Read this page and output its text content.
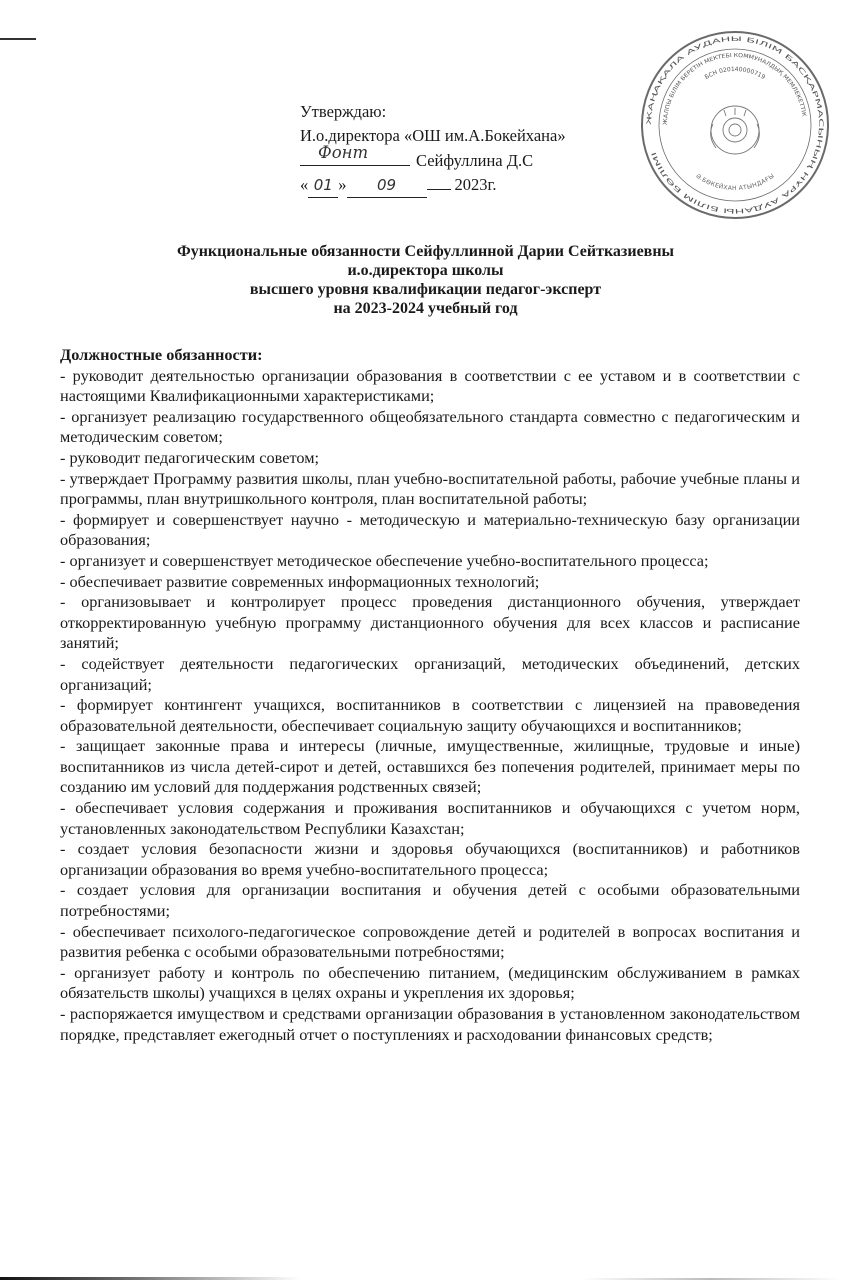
ЖАҢАҚАЛА АУДАНЫ БІЛІМ БАСҚАРМАСЫНЫҢ НҰРА АУДАНЫ БІЛІМ БӨЛІМІ
ЖАЛПЫ БІЛІМ БЕРЕТІН МЕКТЕБІ КОММУНАЛДЫҚ МЕМЛЕКЕТТІК
БСН 020140000719
Ә.БӨКЕЙХАН АТЫНДАҒЫ
Утверждаю:
И.о.директора «ОШ им.А.Бокейхана»
Фонт	Сейфуллина Д.С
« 01 » 09	2023г.
Функциональные обязанности Сейфуллинной Дарии Сейтказиевны
и.о.директора школы
высшего уровня квалификации педагог-эксперт
на 2023-2024 учебный год
Должностные обязанности:
- руководит деятельностью организации образования в соответствии с ее уставом и в соответствии с настоящими Квалификационными характеристиками;
- организует реализацию государственного общеобязательного стандарта совместно с педагогическим и методическим советом;
- руководит педагогическим советом;
- утверждает Программу развития школы, план учебно-воспитательной работы, рабочие учебные планы и программы, план внутришкольного контроля, план воспитательной работы;
- формирует и совершенствует научно - методическую и материально-техническую базу организации образования;
- организует и совершенствует методическое обеспечение учебно-воспитательного процесса;
- обеспечивает развитие современных информационных технологий;
- организовывает и контролирует процесс проведения дистанционного обучения, утверждает откорректированную учебную программу дистанционного обучения для всех классов и расписание занятий;
- содействует деятельности педагогических организаций, методических объединений, детских организаций;
- формирует контингент учащихся, воспитанников в соответствии с лицензией на правоведения образовательной деятельности, обеспечивает социальную защиту обучающихся и воспитанников;
- защищает законные права и интересы (личные, имущественные, жилищные, трудовые и иные) воспитанников из числа детей-сирот и детей, оставшихся без попечения родителей, принимает меры по созданию им условий для поддержания родственных связей;
- обеспечивает условия содержания и проживания воспитанников и обучающихся с учетом норм, установленных законодательством Республики Казахстан;
- создает условия безопасности жизни и здоровья обучающихся (воспитанников) и работников организации образования во время учебно-воспитательного процесса;
- создает условия для организации воспитания и обучения детей с особыми образовательными потребностями;
- обеспечивает психолого-педагогическое сопровождение детей и родителей в вопросах воспитания и развития ребенка с особыми образовательными потребностями;
- организует работу и контроль по обеспечению питанием, (медицинским обслуживанием в рамках обязательств школы) учащихся в целях охраны и укрепления их здоровья;
- распоряжается имуществом и средствами организации образования в установленном законодательством порядке, представляет ежегодный отчет о поступлениях и расходовании финансовых средств;
